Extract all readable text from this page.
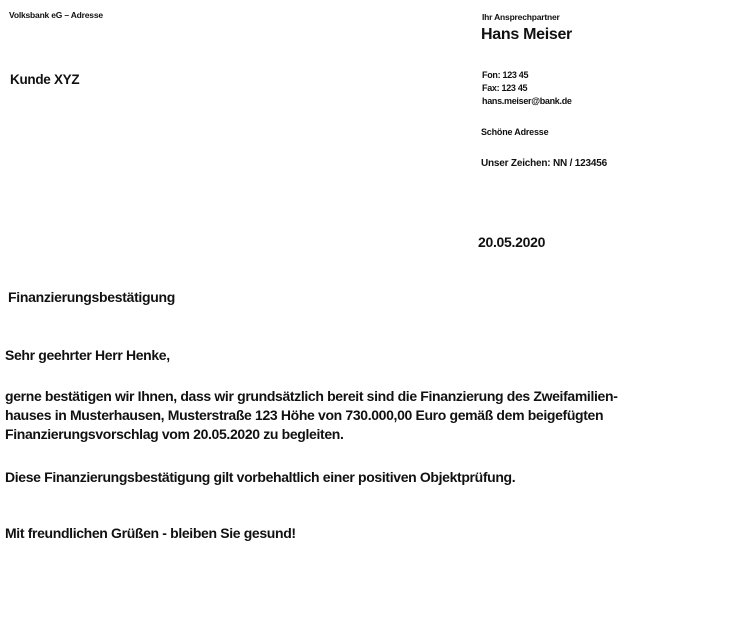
Volksbank eG – Adresse
Kunde XYZ
Ihr Ansprechpartner
Hans Meiser
Fon: 123 45
Fax: 123 45
hans.meiser@bank.de
Schöne Adresse
Unser Zeichen: NN / 123456
20.05.2020
Finanzierungsbestätigung
Sehr geehrter Herr Henke,
gerne bestätigen wir Ihnen, dass wir grundsätzlich bereit sind die Finanzierung des Zweifamilien-
hauses in Musterhausen, Musterstraße 123 Höhe von 730.000,00 Euro gemäß dem beigefügten
Finanzierungsvorschlag vom 20.05.2020 zu begleiten.
Diese Finanzierungsbestätigung gilt vorbehaltlich einer positiven Objektprüfung.
Mit freundlichen Grüßen - bleiben Sie gesund!
